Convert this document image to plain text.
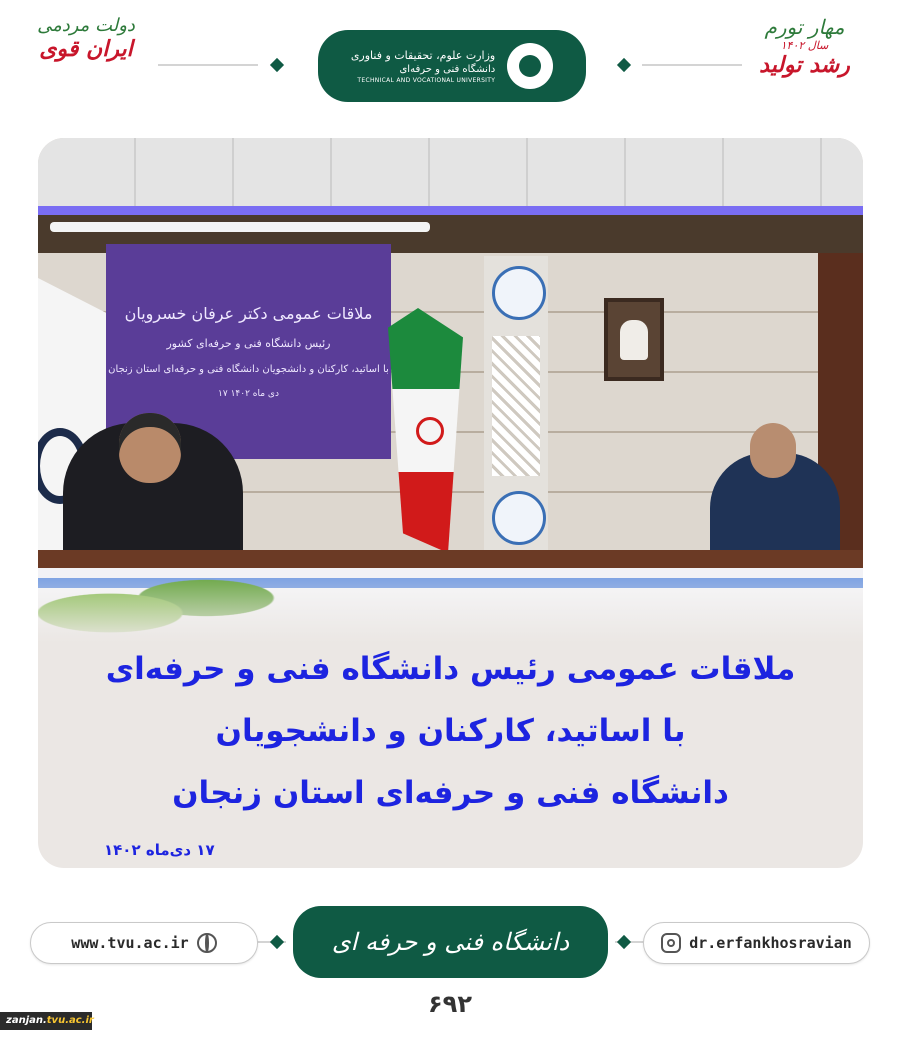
دولت مردمی
ایران قوی	وزارت علوم، تحقیقات و فناوری
دانشگاه فنی و حرفه‌ای
TECHNICAL AND VOCATIONAL UNIVERSITY
مهار تورم
سال ۱۴۰۲
رشد تولید
ملاقات عمومی دکتر عرفان خسرویان
رئیس دانشگاه فنی و حرفه‌ای کشور
با اساتید، کارکنان و دانشجویان دانشگاه فنی و حرفه‌ای استان زنجان
۱۷ دی ماه ۱۴۰۲
ملاقات عمومی رئیس دانشگاه فنی و حرفه‌ای
با اساتید، کارکنان و دانشجویان
دانشگاه فنی و حرفه‌ای استان زنجان
۱۷ دی‌ماه ۱۴۰۲
www.tvu.ac.ir	دانشگاه فنی و حرفه ای	dr.erfankhosravian
۶۹۲
zanjan.tvu.ac.ir
